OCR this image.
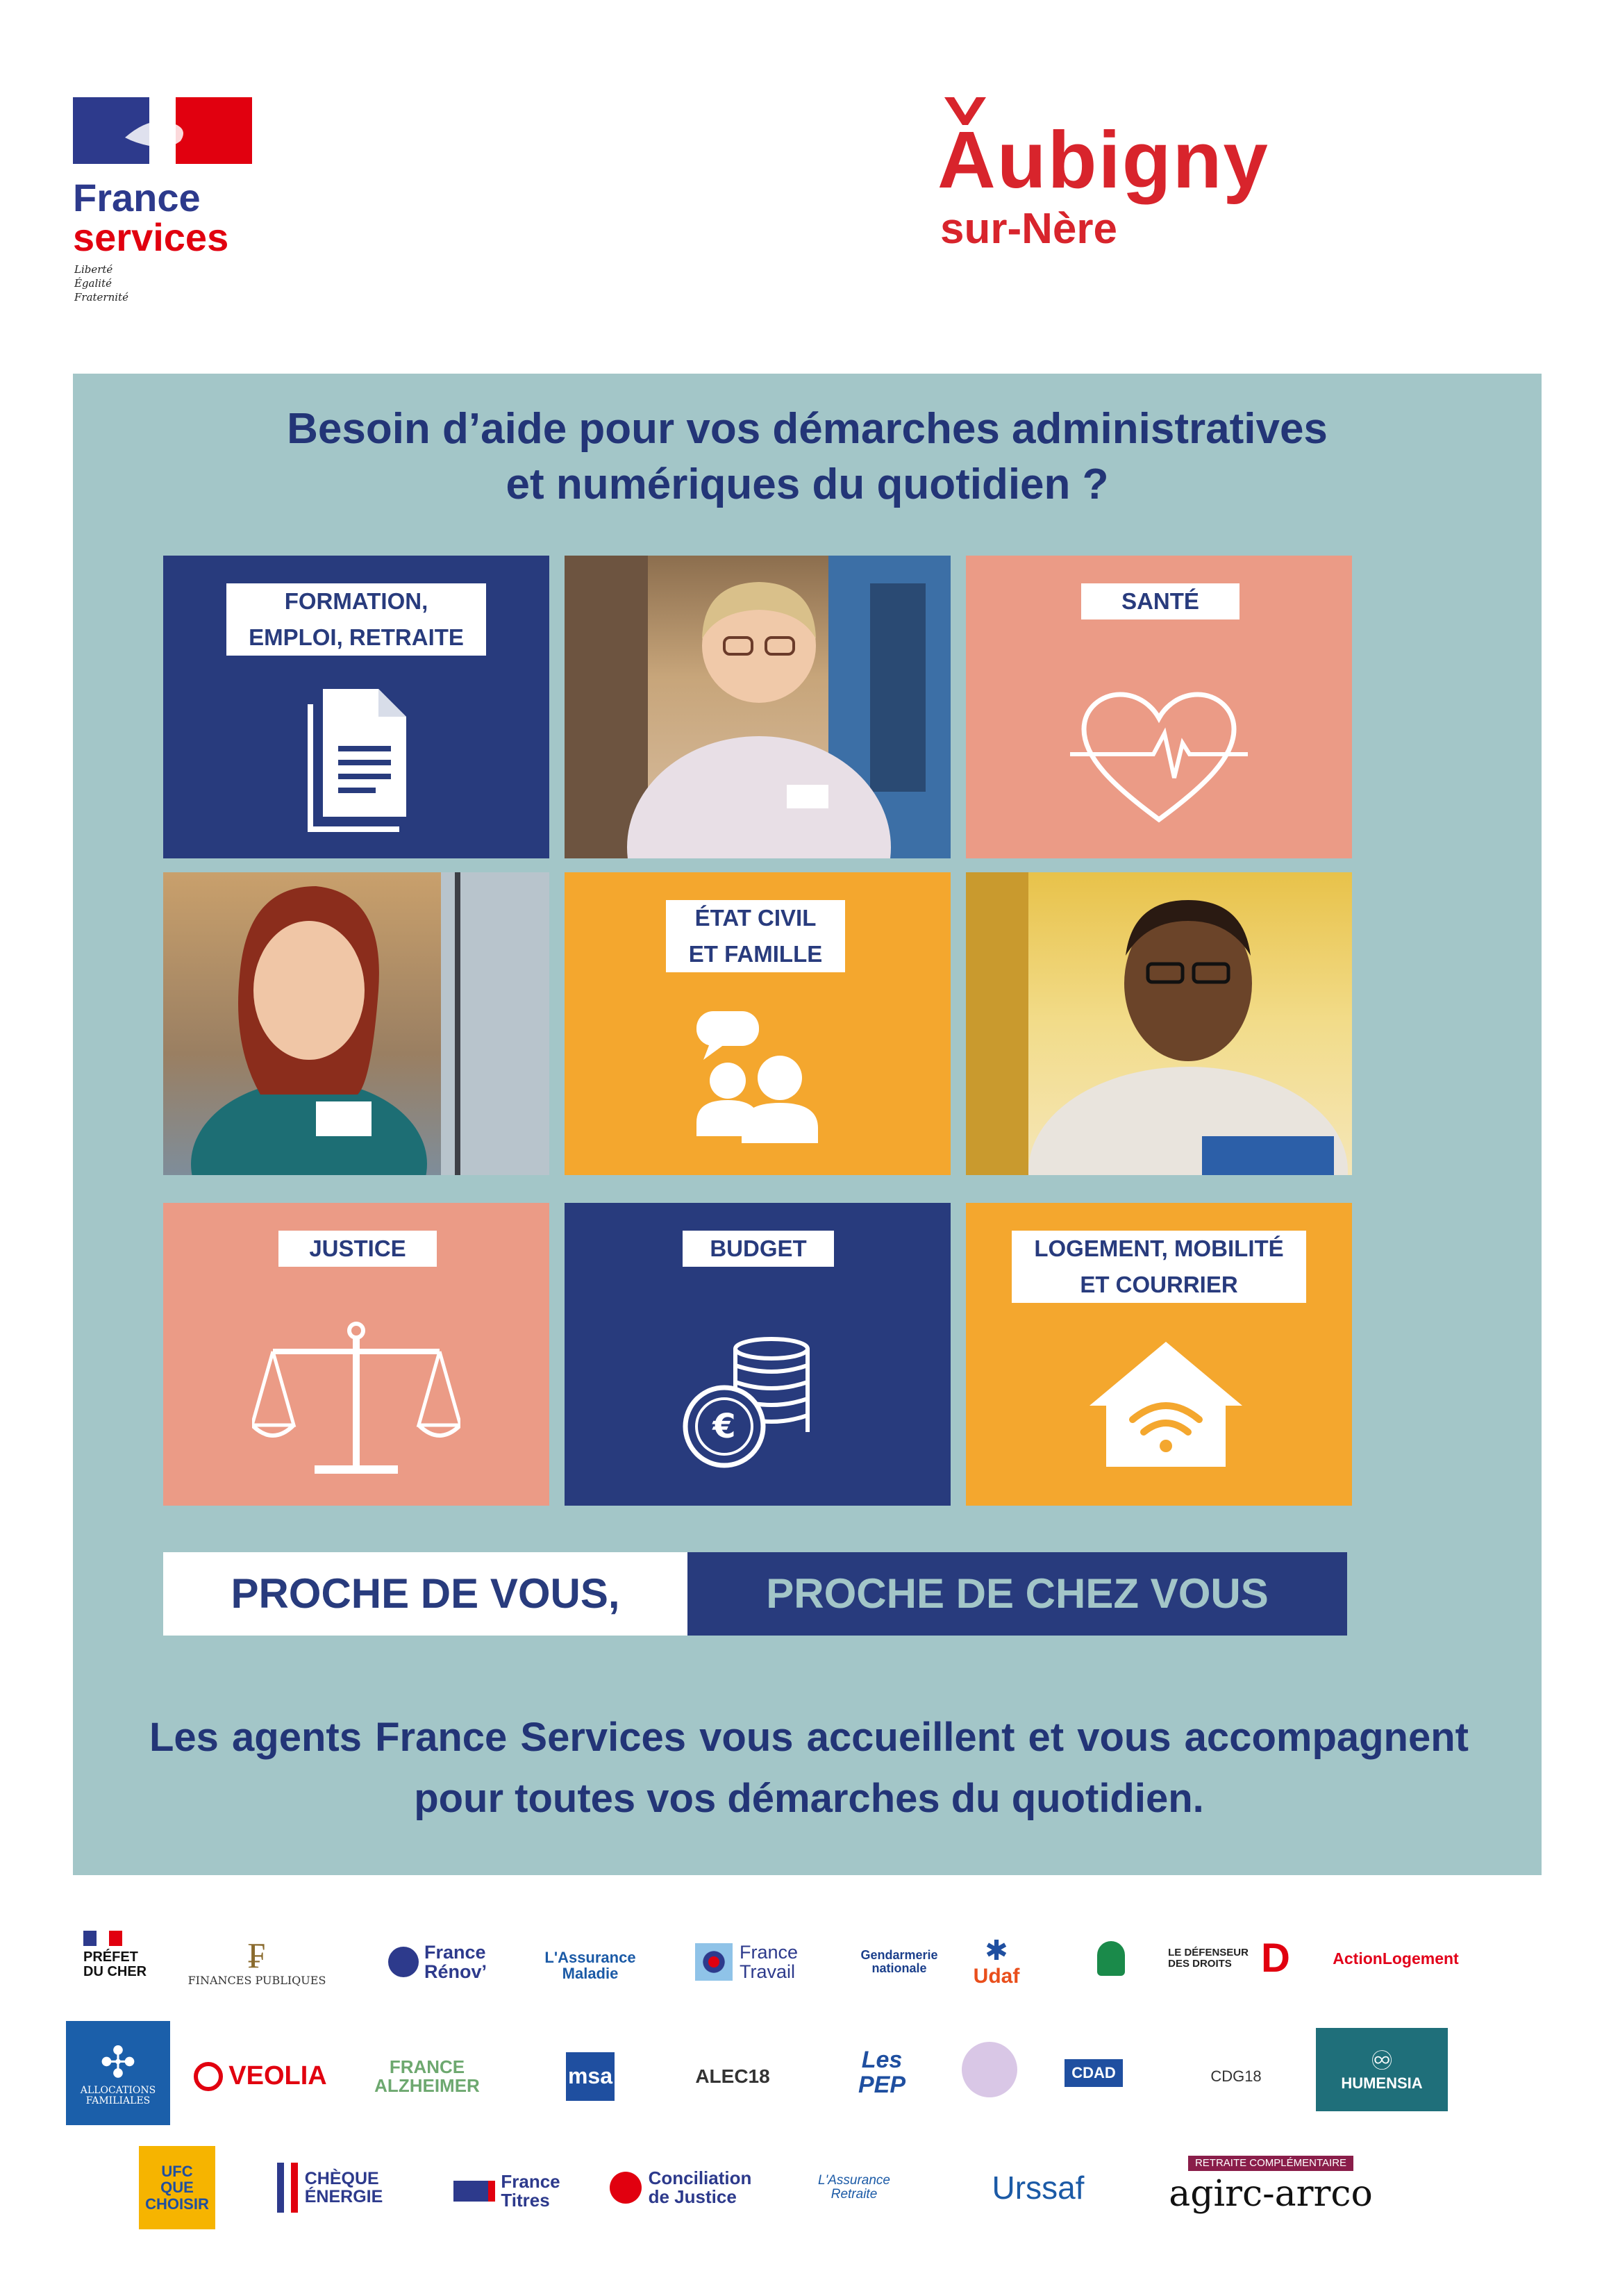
France
services
Liberté
Égalité
Fraternité
Aubigny
sur-Nère
Besoin d’aide pour vos démarches administratives
et numériques du quotidien ?
FORMATION,
EMPLOI, RETRAITE
SANTÉ
ÉTAT CIVIL
ET FAMILLE
JUSTICE	BUDGET
€
LOGEMENT, MOBILITÉ
ET COURRIER
Les agents France Services vous accueillent et vous accompagnent pour toutes vos démarches du quotidien.
PROCHE DE VOUS,	PROCHE DE CHEZ VOUS
PRÉFET
DU CHER	₣
FINANCES PUBLIQUES
France
Rénov’
L'Assurance
Maladie
France
Travail
Gendarmerie
nationale
✱
Udaf
LE DÉFENSEUR
DES DROITS D	ActionLogement
✣
ALLOCATIONS
FAMILIALES
VEOLIA	FRANCE
ALZHEIMER	msa	ALEC18
Les
PEP	CDAD	CDG18
♾
HUMENSIA
UFC
QUE
CHOISIR
CHÈQUE
ÉNERGIE
France
Titres
Conciliation
de Justice
L'Assurance
Retraite	Urssaf
RETRAITE COMPLÉMENTAIRE
agirc-arrco
